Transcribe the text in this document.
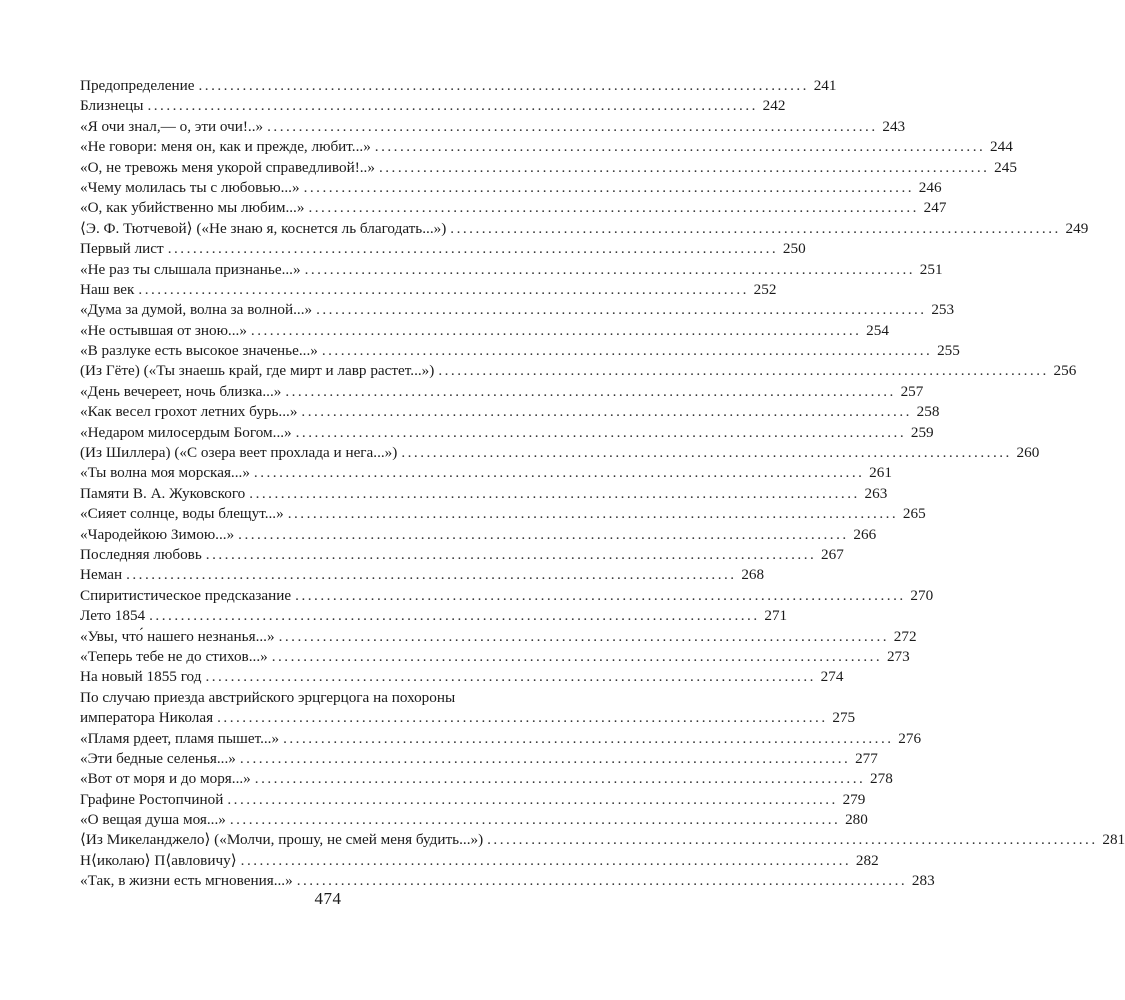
Предопределение . . .	241
Близнецы . . .	242
«Я очи знал,— о, эти очи!..» . . .	243
«Не говори: меня он, как и прежде, любит...» . . .	244
«О, не тревожь меня укорой справедливой!..» . . .	245
«Чему молилась ты с любовью...» . . .	246
«О, как убийственно мы любим...» . . .	247
⟨Э. Ф. Тютчевой⟩ («Не знаю я, коснется ль благодать...») . . .	249
Первый лист . . .	250
«Не раз ты слышала признанье...» . . .	251
Наш век . . .	252
«Дума за думой, волна за волной...» . . .	253
«Не остывшая от зною...» . . .	254
«В разлуке есть высокое значенье...» . . .	255
(Из Гёте) («Ты знаешь край, где мирт и лавр растет...») . . .	256
«День вечереет, ночь близка...» . . .	257
«Как весел грохот летних бурь...» . . .	258
«Недаром милосердым Богом...» . . .	259
(Из Шиллера) («С озера веет прохлада и нега...») . . .	260
«Ты волна моя морская...» . . .	261
Памяти В. А. Жуковского . . .	263
«Сияет солнце, воды блещут...» . . .	265
«Чародейкою Зимою...» . . .	266
Последняя любовь . . .	267
Неман . . .	268
Спиритистическое предсказание . . .	270
Лето 1854 . . .	271
«Увы, что́ нашего незнанья...» . . .	272
«Теперь тебе не до стихов...» . . .	273
На новый 1855 год . . .	274
По случаю приезда австрийского эрцгерцога на похороны
императора Николая . . .	275
«Пламя рдеет, пламя пышет...» . . .	276
«Эти бедные селенья...» . . .	277
«Вот от моря и до моря...» . . .	278
Графине Ростопчиной . . .	279
«О вещая душа моя...» . . .	280
⟨Из Микеланджело⟩ («Молчи, прошу, не смей меня будить...») . . .	281
Н⟨иколаю⟩ П⟨авловичу⟩ . . .	282
«Так, в жизни есть мгновения...» . . .	283
474
